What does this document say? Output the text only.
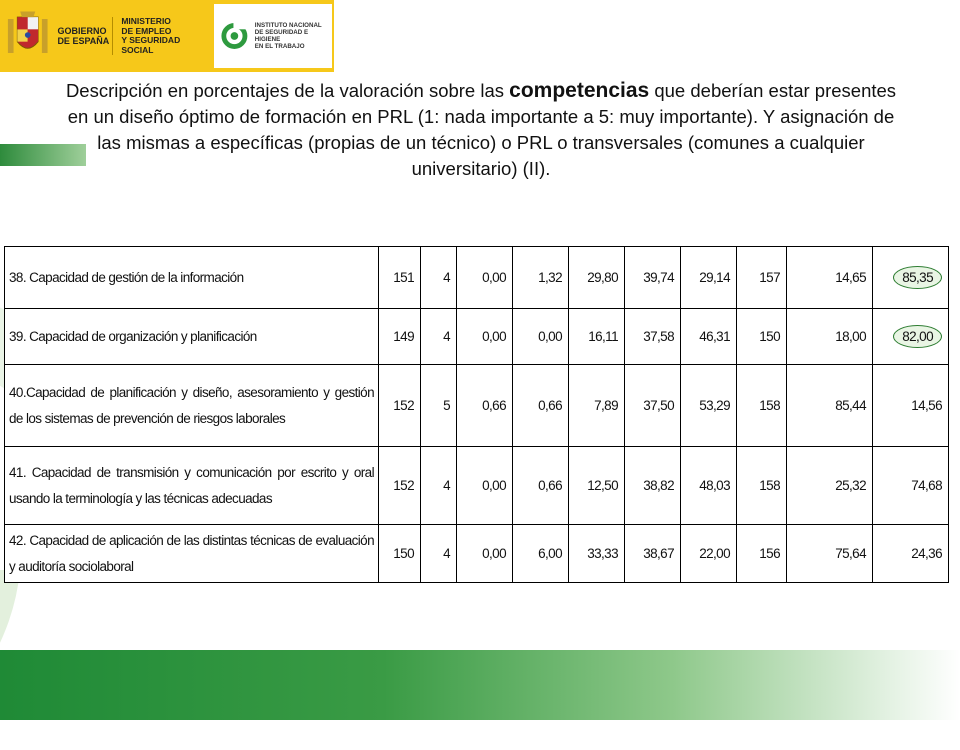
GOBIERNO
DE ESPAÑA
MINISTERIO
DE EMPLEO
Y SEGURIDAD SOCIAL
INSTITUTO NACIONAL
DE SEGURIDAD E HIGIENE
EN EL TRABAJO
Descripción en porcentajes de la valoración sobre las competencias que deberían estar presentes en un diseño óptimo de formación en PRL (1: nada importante a 5: muy importante). Y asignación de las mismas a específicas (propias de un técnico) o PRL o transversales (comunes a cualquier universitario) (II).
38. Capacidad de gestión de la información	151	4	0,00	1,32	29,80	39,74	29,14	157	14,65	85,35
39. Capacidad de organización y planificación	149	4	0,00	0,00	16,11	37,58	46,31	150	18,00	82,00
40.Capacidad de planificación y diseño, asesoramiento y gestión de los sistemas de prevención de riesgos laborales	152	5	0,66	0,66	7,89	37,50	53,29	158	85,44	14,56
41. Capacidad de transmisión y comunicación por escrito y oral usando la terminología y las técnicas adecuadas	152	4	0,00	0,66	12,50	38,82	48,03	158	25,32	74,68
42. Capacidad de aplicación de las distintas técnicas de evaluación y auditoría sociolaboral	150	4	0,00	6,00	33,33	38,67	22,00	156	75,64	24,36
